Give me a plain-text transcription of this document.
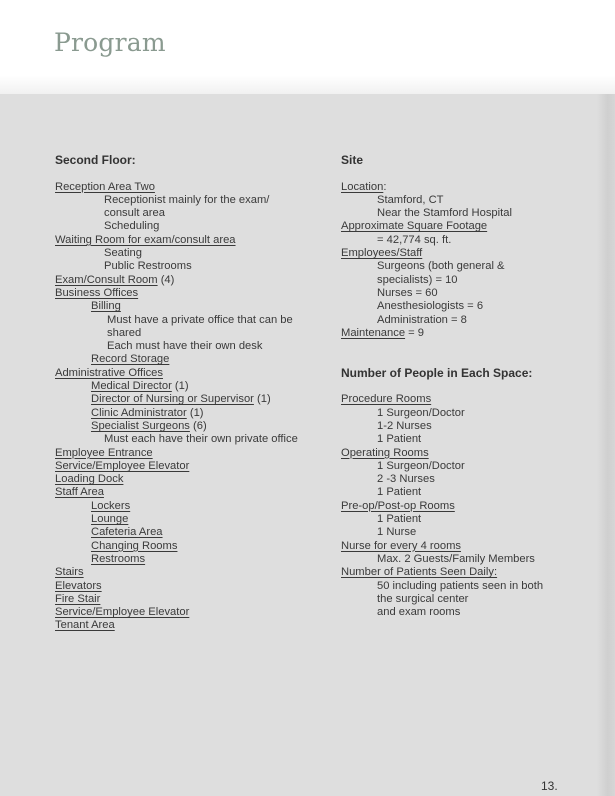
Program
Second Floor:
Reception Area Two
Receptionist mainly for the exam/
consult area
Scheduling
Waiting Room for exam/consult area
Seating
Public Restrooms
Exam/Consult Room (4)
Business Offices
Billing
Must have a private office that can be
shared
Each must have their own desk
Record Storage
Administrative Offices
Medical Director (1)
Director of Nursing or Supervisor (1)
Clinic Administrator (1)
Specialist Surgeons (6)
Must each have their own private office
Employee Entrance
Service/Employee Elevator
Loading Dock
Staff Area
Lockers
Lounge
Cafeteria Area
Changing Rooms
Restrooms
Stairs
Elevators
Fire Stair
Service/Employee Elevator
Tenant Area
Site
Location:
Stamford, CT
Near the Stamford Hospital
Approximate Square Footage
= 42,774 sq. ft.
Employees/Staff
Surgeons (both general &
specialists) = 10
Nurses = 60
Anesthesiologists = 6
Administration = 8
Maintenance = 9
Number of People in Each Space:
Procedure Rooms
1 Surgeon/Doctor
1-2 Nurses
1 Patient
Operating Rooms
1 Surgeon/Doctor
2 -3 Nurses
1 Patient
Pre-op/Post-op Rooms
1 Patient
1 Nurse
Nurse for every 4 rooms
Max. 2 Guests/Family Members
Number of Patients Seen Daily:
50 including patients seen in both
the surgical center
and exam rooms
13.
